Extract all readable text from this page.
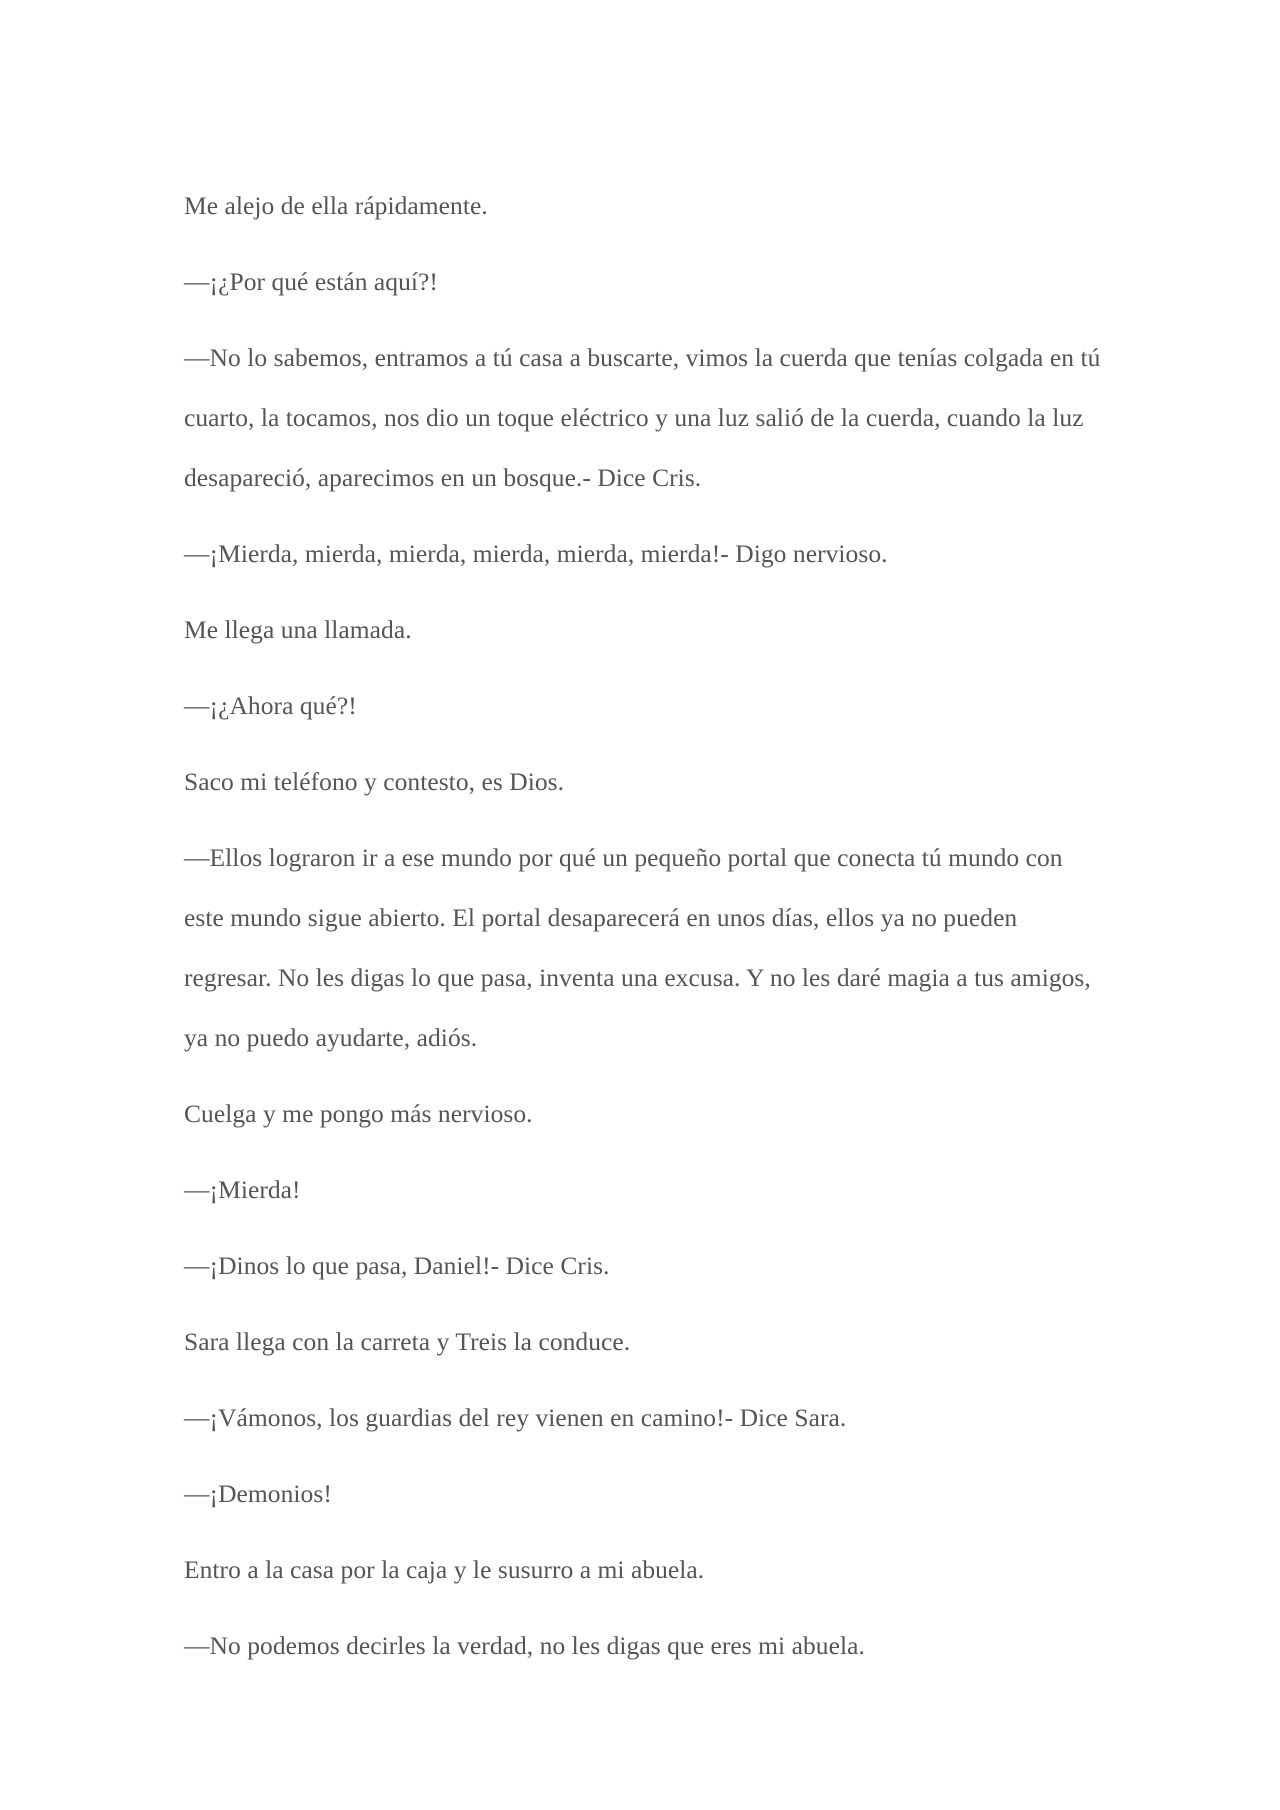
Me alejo de ella rápidamente.

—¡¿Por qué están aquí?!

—No lo sabemos, entramos a tú casa a buscarte, vimos la cuerda que tenías colgada en tú cuarto, la tocamos, nos dio un toque eléctrico y una luz salió de la cuerda, cuando la luz desapareció, aparecimos en un bosque.- Dice Cris.

—¡Mierda, mierda, mierda, mierda, mierda, mierda!- Digo nervioso.

Me llega una llamada.

—¡¿Ahora qué?!

Saco mi teléfono y contesto, es Dios.

—Ellos lograron ir a ese mundo por qué un pequeño portal que conecta tú mundo con este mundo sigue abierto. El portal desaparecerá en unos días, ellos ya no pueden regresar. No les digas lo que pasa, inventa una excusa. Y no les daré magia a tus amigos, ya no puedo ayudarte, adiós.

Cuelga y me pongo más nervioso.

—¡Mierda!

—¡Dinos lo que pasa, Daniel!- Dice Cris.

Sara llega con la carreta y Treis la conduce.

—¡Vámonos, los guardias del rey vienen en camino!- Dice Sara.

—¡Demonios!

Entro a la casa por la caja y le susurro a mi abuela.

—No podemos decirles la verdad, no les digas que eres mi abuela.
